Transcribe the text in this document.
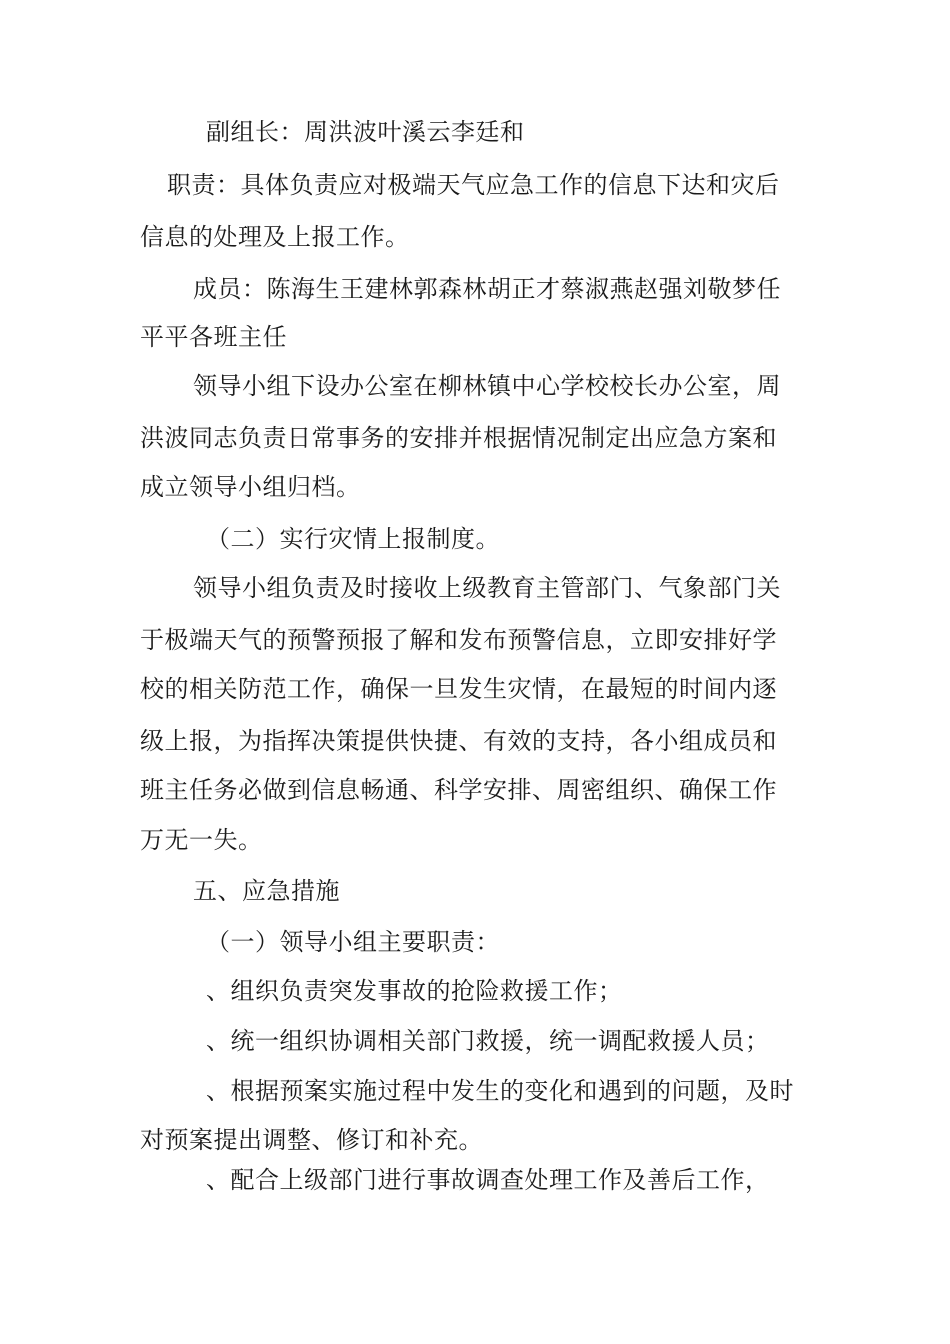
副组长：周洪波叶溪云李廷和
职责：具体负责应对极端天气应急工作的信息下达和灾后
信息的处理及上报工作。
成员：陈海生王建林郭森林胡正才蔡淑燕赵强刘敬梦任
平平各班主任
领导小组下设办公室在柳林镇中心学校校长办公室，周
洪波同志负责日常事务的安排并根据情况制定出应急方案和
成立领导小组归档。
（二）实行灾情上报制度。
领导小组负责及时接收上级教育主管部门、气象部门关
于极端天气的预警预报了解和发布预警信息，立即安排好学
校的相关防范工作，确保一旦发生灾情，在最短的时间内逐
级上报，为指挥决策提供快捷、有效的支持，各小组成员和
班主任务必做到信息畅通、科学安排、周密组织、确保工作
万无一失。
五、应急措施
（一）领导小组主要职责：
、组织负责突发事故的抢险救援工作；
、统一组织协调相关部门救援，统一调配救援人员；
、根据预案实施过程中发生的变化和遇到的问题，及时
对预案提出调整、修订和补充。
、配合上级部门进行事故调查处理工作及善后工作，
